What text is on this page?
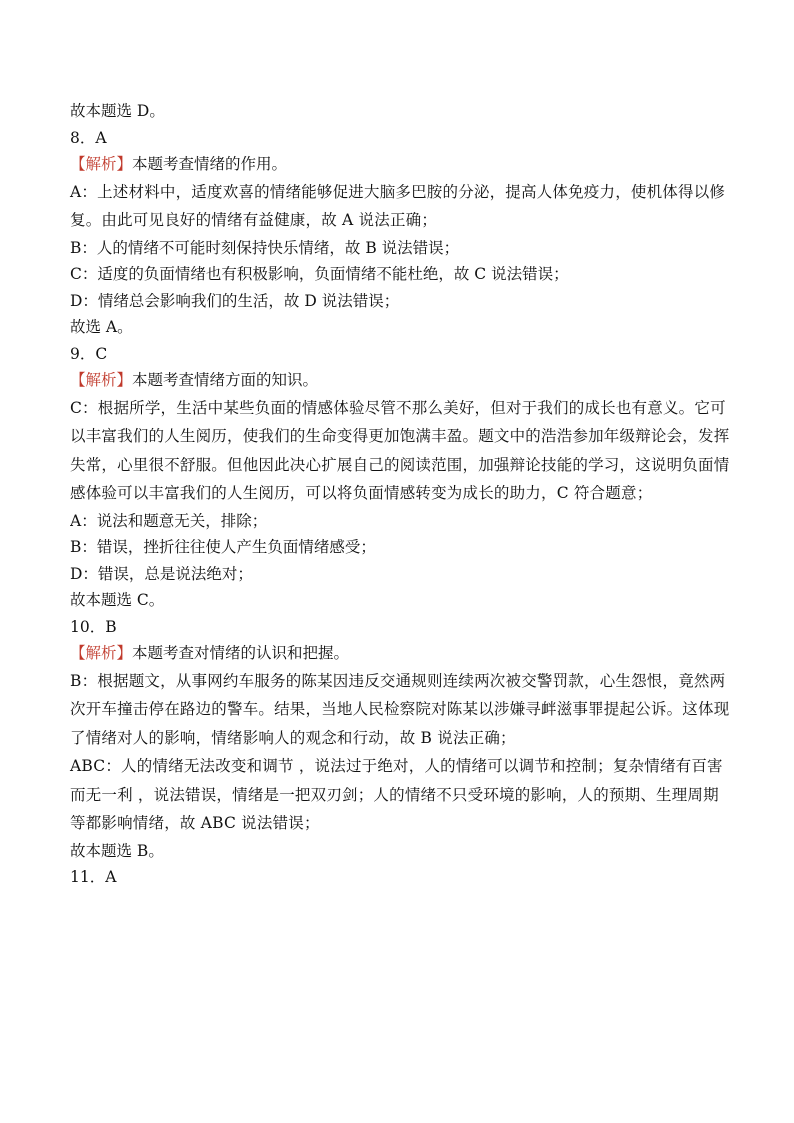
故本题选 D。
8．A
【解析】本题考查情绪的作用。
A：上述材料中，适度欢喜的情绪能够促进大脑多巴胺的分泌，提高人体免疫力，使机体得以修复。由此可见良好的情绪有益健康，故 A 说法正确；
B：人的情绪不可能时刻保持快乐情绪，故 B 说法错误；
C：适度的负面情绪也有积极影响，负面情绪不能杜绝，故 C 说法错误；
D：情绪总会影响我们的生活，故 D 说法错误；
故选 A。
9．C
【解析】本题考查情绪方面的知识。
C：根据所学，生活中某些负面的情感体验尽管不那么美好，但对于我们的成长也有意义。它可以丰富我们的人生阅历，使我们的生命变得更加饱满丰盈。题文中的浩浩参加年级辩论会，发挥失常，心里很不舒服。但他因此决心扩展自己的阅读范围，加强辩论技能的学习，这说明负面情感体验可以丰富我们的人生阅历，可以将负面情感转变为成长的助力，C 符合题意；
A：说法和题意无关，排除；
B：错误，挫折往往使人产生负面情绪感受；
D：错误，总是说法绝对；
故本题选 C。
10．B
【解析】本题考查对情绪的认识和把握。
B：根据题文，从事网约车服务的陈某因违反交通规则连续两次被交警罚款，心生怨恨，竟然两次开车撞击停在路边的警车。结果，当地人民检察院对陈某以涉嫌寻衅滋事罪提起公诉。这体现了情绪对人的影响，情绪影响人的观念和行动，故 B 说法正确；
ABC：人的情绪无法改变和调节 ，说法过于绝对，人的情绪可以调节和控制；复杂情绪有百害而无一利 ，说法错误，情绪是一把双刃剑；人的情绪不只受环境的影响，人的预期、生理周期等都影响情绪，故 ABC 说法错误；
故本题选 B。
11．A
